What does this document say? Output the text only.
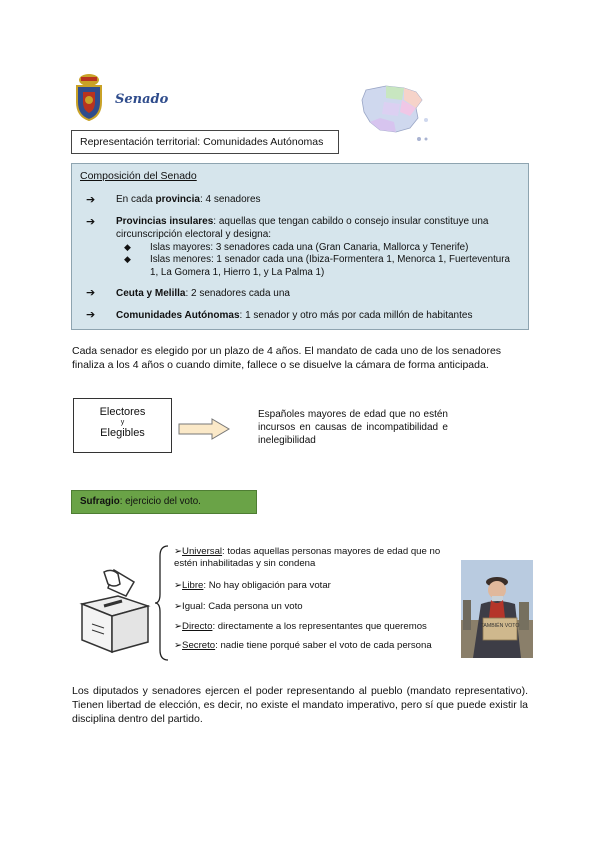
Senado
Representación territorial: Comunidades Autónomas
Composición del Senado
➔ En cada provincia: 4 senadores
➔ Provincias insulares: aquellas que tengan cabildo o consejo insular constituye una circunscripción electoral y designa:
◆ Islas mayores: 3 senadores cada una (Gran Canaria, Mallorca y Tenerife)
◆ Islas menores: 1 senador cada una (Ibiza-Formentera 1, Menorca 1, Fuerteventura 1, La Gomera 1, Hierro 1, y La Palma 1)
➔ Ceuta y Melilla: 2 senadores cada una
➔ Comunidades Autónomas: 1 senador y otro más por cada millón de habitantes
Cada senador es elegido por un plazo de 4 años. El mandato de cada uno de los senadores finaliza a los 4 años o cuando dimite, fallece o se disuelve la cámara de forma anticipada.
Electores
y
Elegibles
Españoles mayores de edad que no estén incursos en causas de incompatibilidad e inelegibilidad
Sufragio: ejercicio del voto.
➢Universal: todas aquellas personas mayores de edad que no estén inhabilitadas y sin condena
➢Libre: No hay obligación para votar
➢Igual: Cada persona un voto
➢Directo: directamente a los representantes que queremos
➢Secreto: nadie tiene porqué saber el voto de cada persona
TAMBIÉN VOTO
Los diputados y senadores ejercen el poder representando al pueblo (mandato representativo). Tienen libertad de elección, es decir, no existe el mandato imperativo, pero sí que puede existir la disciplina dentro del partido.
